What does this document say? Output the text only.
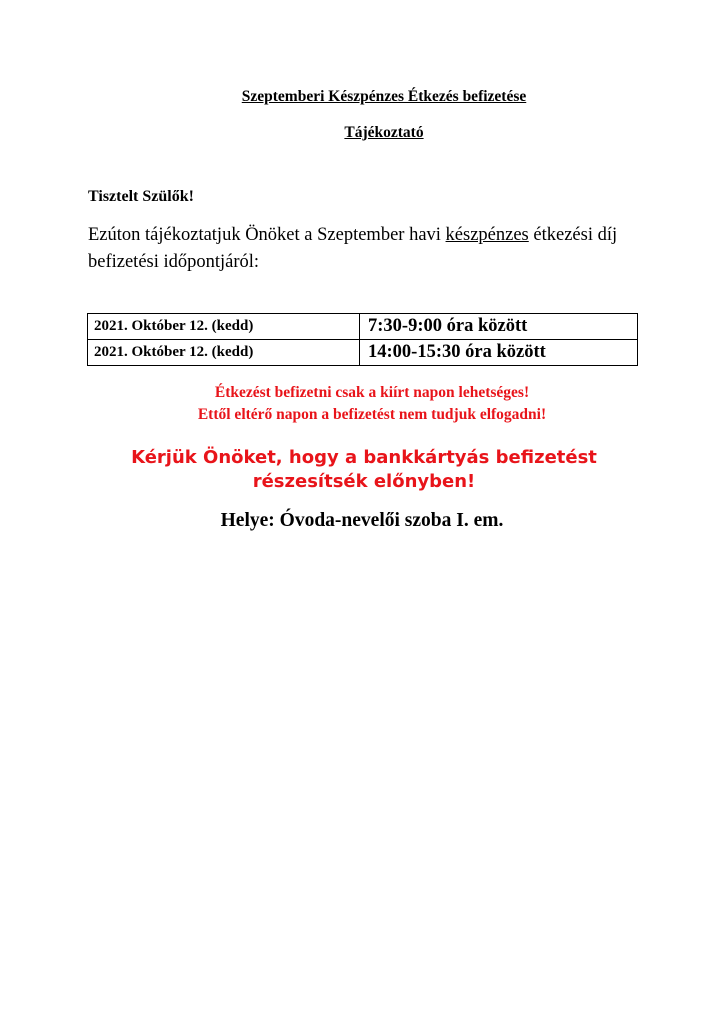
Szeptemberi Készpénzes Étkezés befizetése
Tájékoztató
Tisztelt Szülők!
Ezúton tájékoztatjuk Önöket a Szeptember havi készpénzes étkezési díj befizetési időpontjáról:
2021. Október 12. (kedd)	7:30-9:00 óra között
2021. Október 12. (kedd)	14:00-15:30 óra között
Étkezést befizetni csak a kiírt napon lehetséges!
Ettől eltérő napon a befizetést nem tudjuk elfogadni!
Kérjük Önöket, hogy a bankkártyás befizetést
részesítsék előnyben!
Helye: Óvoda-nevelői szoba I. em.
